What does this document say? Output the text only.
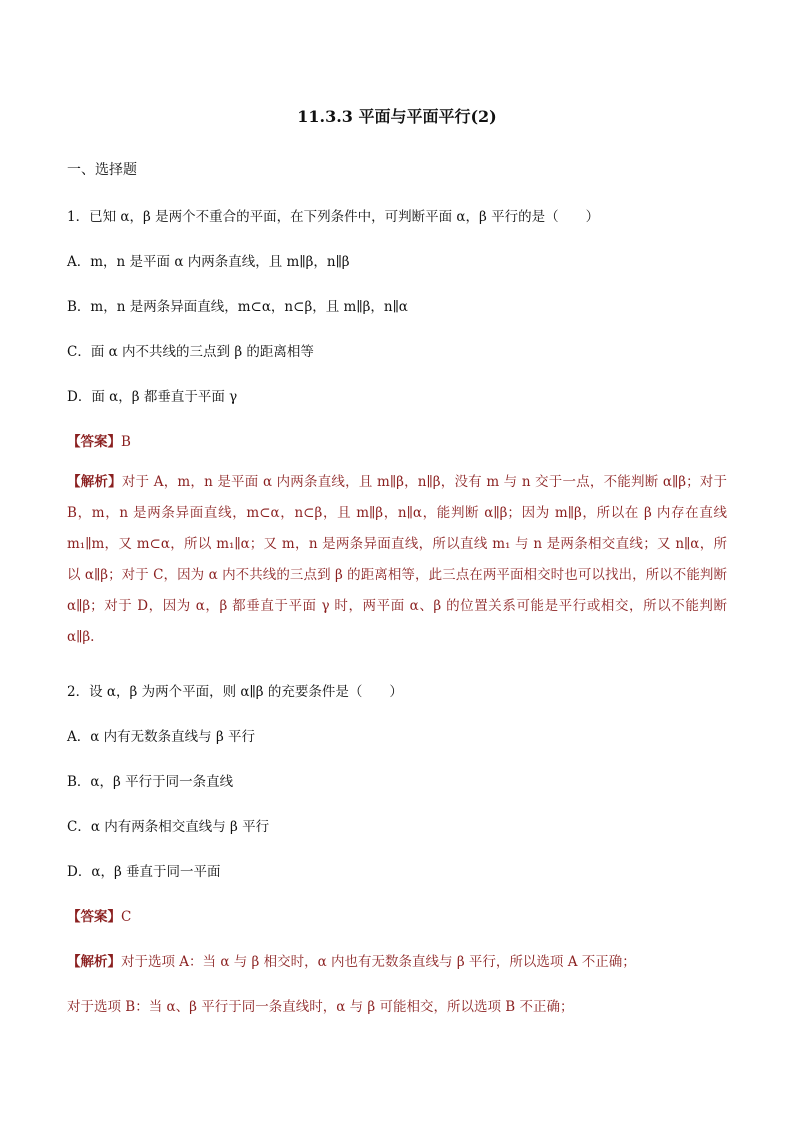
11.3.3 平面与平面平行(2)
一、选择题
1．已知 α，β 是两个不重合的平面，在下列条件中，可判断平面 α，β 平行的是（　　）
A．m，n 是平面 α 内两条直线，且 m∥β，n∥β
B．m，n 是两条异面直线，m⊂α，n⊂β，且 m∥β，n∥α
C．面 α 内不共线的三点到 β 的距离相等
D．面 α，β 都垂直于平面 γ
【答案】B
【解析】对于 A，m，n 是平面 α 内两条直线，且 m∥β，n∥β，没有 m 与 n 交于一点，不能判断 α∥β；对于 B，m，n 是两条异面直线，m⊂α，n⊂β，且 m∥β，n∥α，能判断 α∥β；因为 m∥β，所以在 β 内存在直线 m₁∥m，又 m⊂α，所以 m₁∥α；又 m，n 是两条异面直线，所以直线 m₁ 与 n 是两条相交直线；又 n∥α，所以 α∥β；对于 C，因为 α 内不共线的三点到 β 的距离相等，此三点在两平面相交时也可以找出，所以不能判断 α∥β；对于 D，因为 α，β 都垂直于平面 γ 时，两平面 α、β 的位置关系可能是平行或相交，所以不能判断 α∥β.
2．设 α，β 为两个平面，则 α∥β 的充要条件是（　　）
A．α 内有无数条直线与 β 平行
B．α，β 平行于同一条直线
C．α 内有两条相交直线与 β 平行
D．α，β 垂直于同一平面
【答案】C
【解析】对于选项 A：当 α 与 β 相交时，α 内也有无数条直线与 β 平行，所以选项 A 不正确；
对于选项 B：当 α、β 平行于同一条直线时，α 与 β 可能相交，所以选项 B 不正确；
